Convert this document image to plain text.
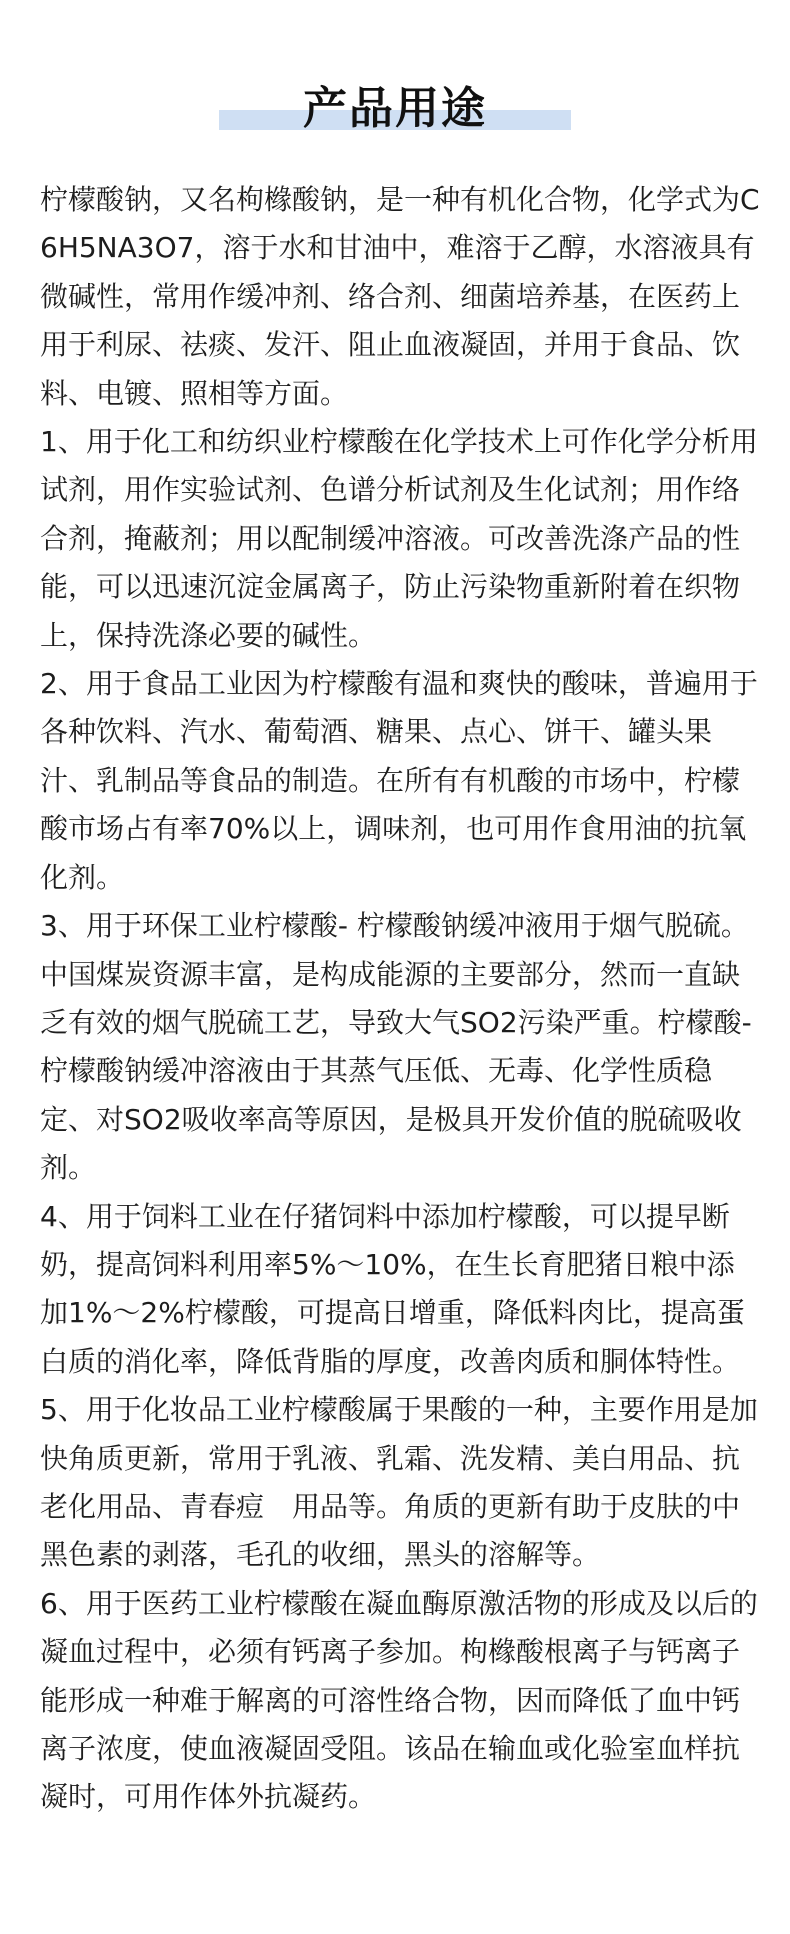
产品用途

柠檬酸钠，又名枸橼酸钠，是一种有机化合物，化学式为C6H5NA3O7，溶于水和甘油中，难溶于乙醇，水溶液具有微碱性，常用作缓冲剂、络合剂、细菌培养基，在医药上用于利尿、祛痰、发汗、阻止血液凝固，并用于食品、饮料、电镀、照相等方面。

1、用于化工和纺织业柠檬酸在化学技术上可作化学分析用试剂，用作实验试剂、色谱分析试剂及生化试剂；用作络合剂，掩蔽剂；用以配制缓冲溶液。可改善洗涤产品的性能，可以迅速沉淀金属离子，防止污染物重新附着在织物上，保持洗涤必要的碱性。

2、用于食品工业因为柠檬酸有温和爽快的酸味，普遍用于各种饮料、汽水、葡萄酒、糖果、点心、饼干、罐头果汁、乳制品等食品的制造。在所有有机酸的市场中，柠檬酸市场占有率70%以上，调味剂，也可用作食用油的抗氧化剂。

3、用于环保工业柠檬酸- 柠檬酸钠缓冲液用于烟气脱硫。中国煤炭资源丰富，是构成能源的主要部分，然而一直缺乏有效的烟气脱硫工艺，导致大气SO2污染严重。柠檬酸-柠檬酸钠缓冲溶液由于其蒸气压低、无毒、化学性质稳定、对SO2吸收率高等原因，是极具开发价值的脱硫吸收剂。

4、用于饲料工业在仔猪饲料中添加柠檬酸，可以提早断奶，提高饲料利用率5%～10%，在生长育肥猪日粮中添加1%～2%柠檬酸，可提高日增重，降低料肉比，提高蛋白质的消化率，降低背脂的厚度，改善肉质和胴体特性。

5、用于化妆品工业柠檬酸属于果酸的一种，主要作用是加快角质更新，常用于乳液、乳霜、洗发精、美白用品、抗老化用品、青春痘　用品等。角质的更新有助于皮肤的中黑色素的剥落，毛孔的收细，黑头的溶解等。

6、用于医药工业柠檬酸在凝血酶原激活物的形成及以后的凝血过程中，必须有钙离子参加。枸橼酸根离子与钙离子能形成一种难于解离的可溶性络合物，因而降低了血中钙离子浓度，使血液凝固受阻。该品在输血或化验室血样抗凝时，可用作体外抗凝药。
